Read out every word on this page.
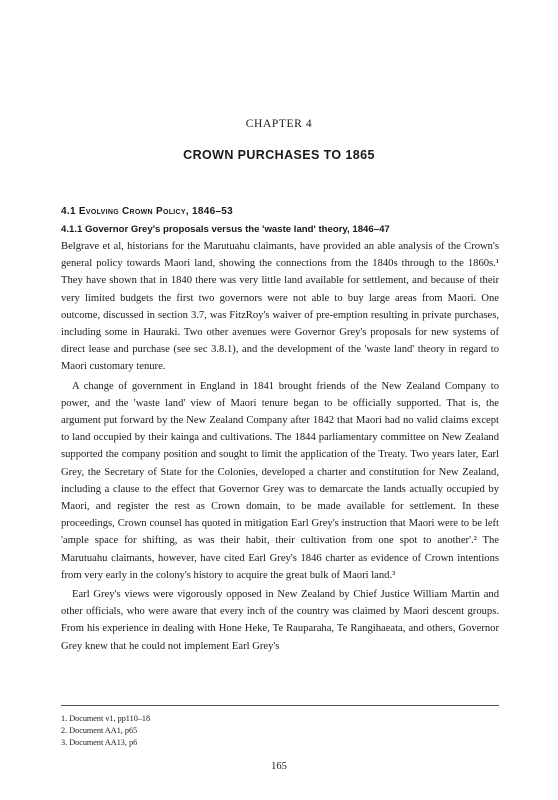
CHAPTER 4
CROWN PURCHASES TO 1865
4.1 Evolving Crown Policy, 1846–53
4.1.1 Governor Grey's proposals versus the 'waste land' theory, 1846–47

Belgrave et al, historians for the Marutuahu claimants, have provided an able analysis of the Crown's general policy towards Maori land, showing the connections from the 1840s through to the 1860s.¹ They have shown that in 1840 there was very little land available for settlement, and because of their very limited budgets the first two governors were not able to buy large areas from Maori. One outcome, discussed in section 3.7, was FitzRoy's waiver of pre-emption resulting in private purchases, including some in Hauraki. Two other avenues were Governor Grey's proposals for new systems of direct lease and purchase (see sec 3.8.1), and the development of the 'waste land' theory in regard to Maori customary tenure.

A change of government in England in 1841 brought friends of the New Zealand Company to power, and the 'waste land' view of Maori tenure began to be officially supported. That is, the argument put forward by the New Zealand Company after 1842 that Maori had no valid claims except to land occupied by their kainga and cultivations. The 1844 parliamentary committee on New Zealand supported the company position and sought to limit the application of the Treaty. Two years later, Earl Grey, the Secretary of State for the Colonies, developed a charter and constitution for New Zealand, including a clause to the effect that Governor Grey was to demarcate the lands actually occupied by Maori, and register the rest as Crown domain, to be made available for settlement. In these proceedings, Crown counsel has quoted in mitigation Earl Grey's instruction that Maori were to be left 'ample space for shifting, as was their habit, their cultivation from one spot to another'.² The Marutuahu claimants, however, have cited Earl Grey's 1846 charter as evidence of Crown intentions from very early in the colony's history to acquire the great bulk of Maori land.³

Earl Grey's views were vigorously opposed in New Zealand by Chief Justice William Martin and other officials, who were aware that every inch of the country was claimed by Maori descent groups. From his experience in dealing with Hone Heke, Te Rauparaha, Te Rangihaeata, and others, Governor Grey knew that he could not implement Earl Grey's

1. Document v1, pp110–18
2. Document AA1, p65
3. Document AA13, p6
165
